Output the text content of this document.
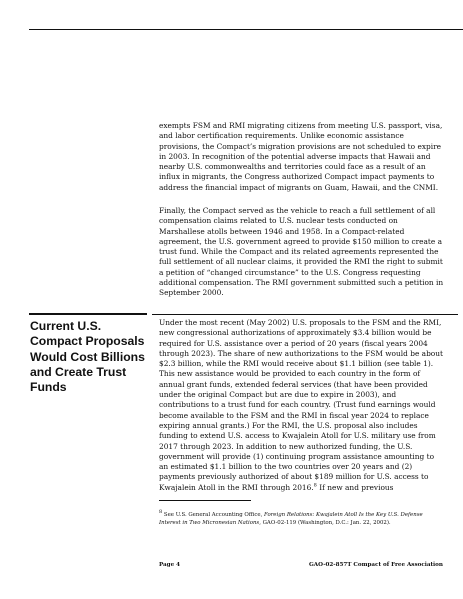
exempts FSM and RMI migrating citizens from meeting U.S. passport, visa, and labor certification requirements. Unlike economic assistance provisions, the Compact’s migration provisions are not scheduled to expire in 2003. In recognition of the potential adverse impacts that Hawaii and nearby U.S. commonwealths and territories could face as a result of an influx in migrants, the Congress authorized Compact impact payments to address the financial impact of migrants on Guam, Hawaii, and the CNMI.

Finally, the Compact served as the vehicle to reach a full settlement of all compensation claims related to U.S. nuclear tests conducted on Marshallese atolls between 1946 and 1958. In a Compact-related agreement, the U.S. government agreed to provide $150 million to create a trust fund. While the Compact and its related agreements represented the full settlement of all nuclear claims, it provided the RMI the right to submit a petition of “changed circumstance” to the U.S. Congress requesting additional compensation. The RMI government submitted such a petition in September 2000.

Current U.S. Compact Proposals Would Cost Billions and Create Trust Funds

Under the most recent (May 2002) U.S. proposals to the FSM and the RMI, new congressional authorizations of approximately $3.4 billion would be required for U.S. assistance over a period of 20 years (fiscal years 2004 through 2023). The share of new authorizations to the FSM would be about $2.3 billion, while the RMI would receive about $1.1 billion (see table 1). This new assistance would be provided to each country in the form of annual grant funds, extended federal services (that have been provided under the original Compact but are due to expire in 2003), and contributions to a trust fund for each country. (Trust fund earnings would become available to the FSM and the RMI in fiscal year 2024 to replace expiring annual grants.) For the RMI, the U.S. proposal also includes funding to extend U.S. access to Kwajalein Atoll for U.S. military use from 2017 through 2023. In addition to new authorized funding, the U.S. government will provide (1) continuing program assistance amounting to an estimated $1.1 billion to the two countries over 20 years and (2) payments previously authorized of about $189 million for U.S. access to Kwajalein Atoll in the RMI through 2016.$^8$ If new and previous

$^8$ See U.S. General Accounting Office, Foreign Relations: Kwajalein Atoll Is the Key U.S. Defense Interest in Two Micronesian Nations, GAO-02-119 (Washington, D.C.: Jan. 22, 2002).

Page 4	GAO-02-857T Compact of Free Association
